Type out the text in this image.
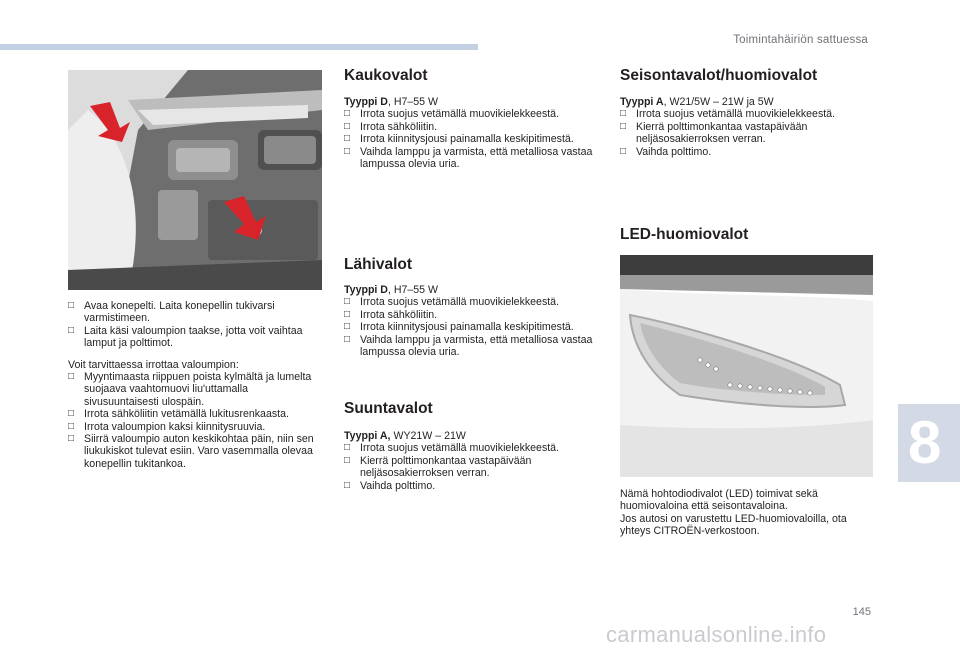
Toimintahäiriön sattuessa
□ Avaa konepelti. Laita konepellin tukivarsi varmistimeen.
□ Laita käsi valoumpion taakse, jotta voit vaihtaa lamput ja polttimot.

Voit tarvittaessa irrottaa valoumpion:

□ Myyntimaasta riippuen poista kylmältä ja lumelta suojaava vaahtomuovi liu'uttamalla sivusuuntaisesti ulospäin.
□ Irrota sähköliitin vetämällä lukitusrenkaasta.
□ Irrota valoumpion kaksi kiinnitysruuvia.
□ Siirrä valoumpio auton keskikohtaa päin, niin sen liukukiskot tulevat esiin. Varo vasemmalla olevaa konepellin tukitankoa.
Kaukovalot

Tyyppi D, H7–55 W

□ Irrota suojus vetämällä muovikielekkeestä.
□ Irrota sähköliitin.
□ Irrota kiinnitysjousi painamalla keskipitimestä.
□ Vaihda lamppu ja varmista, että metalliosa vastaa lampussa olevia uria.
Lähivalot

Tyyppi D, H7–55 W

□ Irrota suojus vetämällä muovikielekkeestä.
□ Irrota sähköliitin.
□ Irrota kiinnitysjousi painamalla keskipitimestä.
□ Vaihda lamppu ja varmista, että metalliosa vastaa lampussa olevia uria.
Suuntavalot

Tyyppi A, WY21W – 21W

□ Irrota suojus vetämällä muovikielekkeestä.
□ Kierrä polttimonkantaa vastapäivään neljäsosakierroksen verran.
□ Vaihda polttimo.
Seisontavalot/huomiovalot

Tyyppi A, W21/5W – 21W ja 5W

□ Irrota suojus vetämällä muovikielekkeestä.
□ Kierrä polttimonkantaa vastapäivään neljäsosakierroksen verran.
□ Vaihda polttimo.
LED-huomiovalot

Nämä hohtodiodivalot (LED) toimivat sekä huomiovaloina että seisontavaloina.

Jos autosi on varustettu LED-huomiovaloilla, ota yhteys CITROËN-verkostoon.

8
145
carmanualsonline.info
